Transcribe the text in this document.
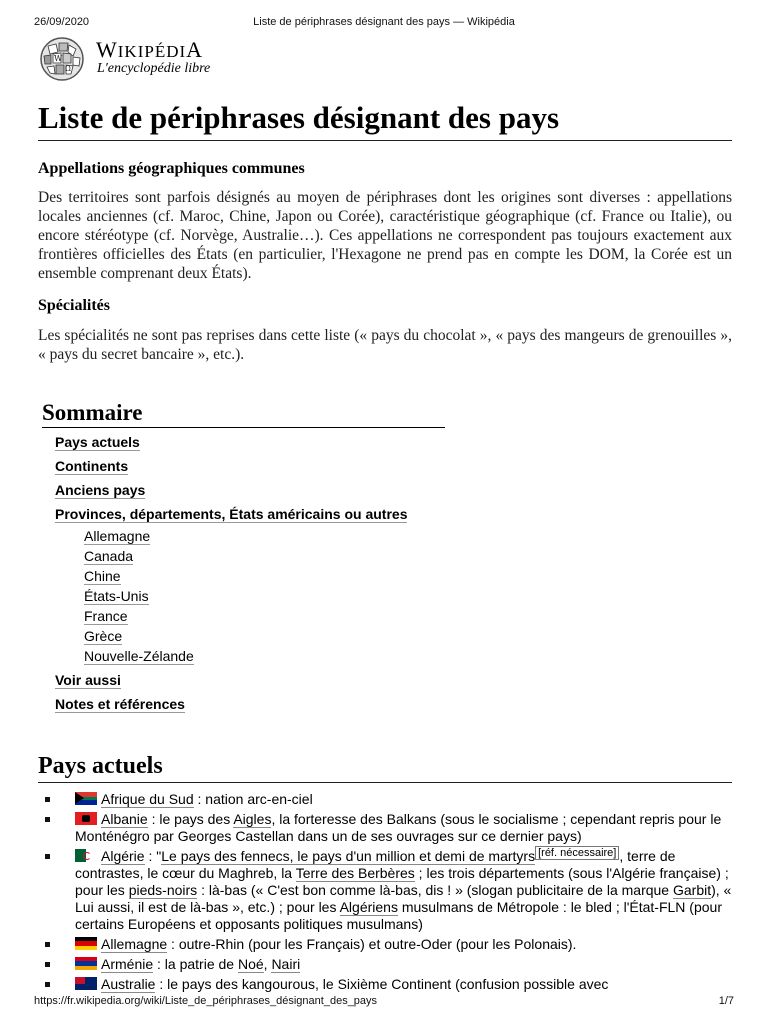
26/09/2020	Liste de périphrases désignant des pays — Wikipédia
W
Ω
WIKIPÉDIA
L'encyclopédie libre
Liste de périphrases désignant des pays
Appellations géographiques communes

Des territoires sont parfois désignés au moyen de périphrases dont les origines sont diverses : appellations locales anciennes (cf. Maroc, Chine, Japon ou Corée), caractéristique géographique (cf. France ou Italie), ou encore stéréotype (cf. Norvège, Australie…). Ces appellations ne correspondent pas toujours exactement aux frontières officielles des États (en particulier, l'Hexagone ne prend pas en compte les DOM, la Corée est un ensemble comprenant deux États).

Spécialités

Les spécialités ne sont pas reprises dans cette liste (« pays du chocolat », « pays des mangeurs de grenouilles », « pays du secret bancaire », etc.).

Sommaire
Pays actuels
Continents
Anciens pays
Provinces, départements, États américains ou autres
Allemagne
Canada
Chine
États-Unis
France
Grèce
Nouvelle-Zélande
Voir aussi
Notes et références
Pays actuels
Afrique du Sud : nation arc-en-ciel
Albanie : le pays des Aigles, la forteresse des Balkans (sous le socialisme ; cependant repris pour le Monténégro par Georges Castellan dans un de ses ouvrages sur ce dernier pays)
Algérie : "Le pays des fennecs, le pays d'un million et demi de martyrs [réf. nécessaire] , terre de contrastes, le cœur du Maghreb, la Terre des Berbères ; les trois départements (sous l'Algérie française) ; pour les pieds-noirs : là-bas (« C'est bon comme là-bas, dis ! » (slogan publicitaire de la marque Garbit), « Lui aussi, il est de là-bas », etc.) ; pour les Algériens musulmans de Métropole : le bled ; l'État-FLN (pour certains Européens et opposants politiques musulmans)
Allemagne : outre-Rhin (pour les Français) et outre-Oder (pour les Polonais).
Arménie : la patrie de Noé, Nairi
Australie : le pays des kangourous, le Sixième Continent (confusion possible avec
https://fr.wikipedia.org/wiki/Liste_de_périphrases_désignant_des_pays	1/7
